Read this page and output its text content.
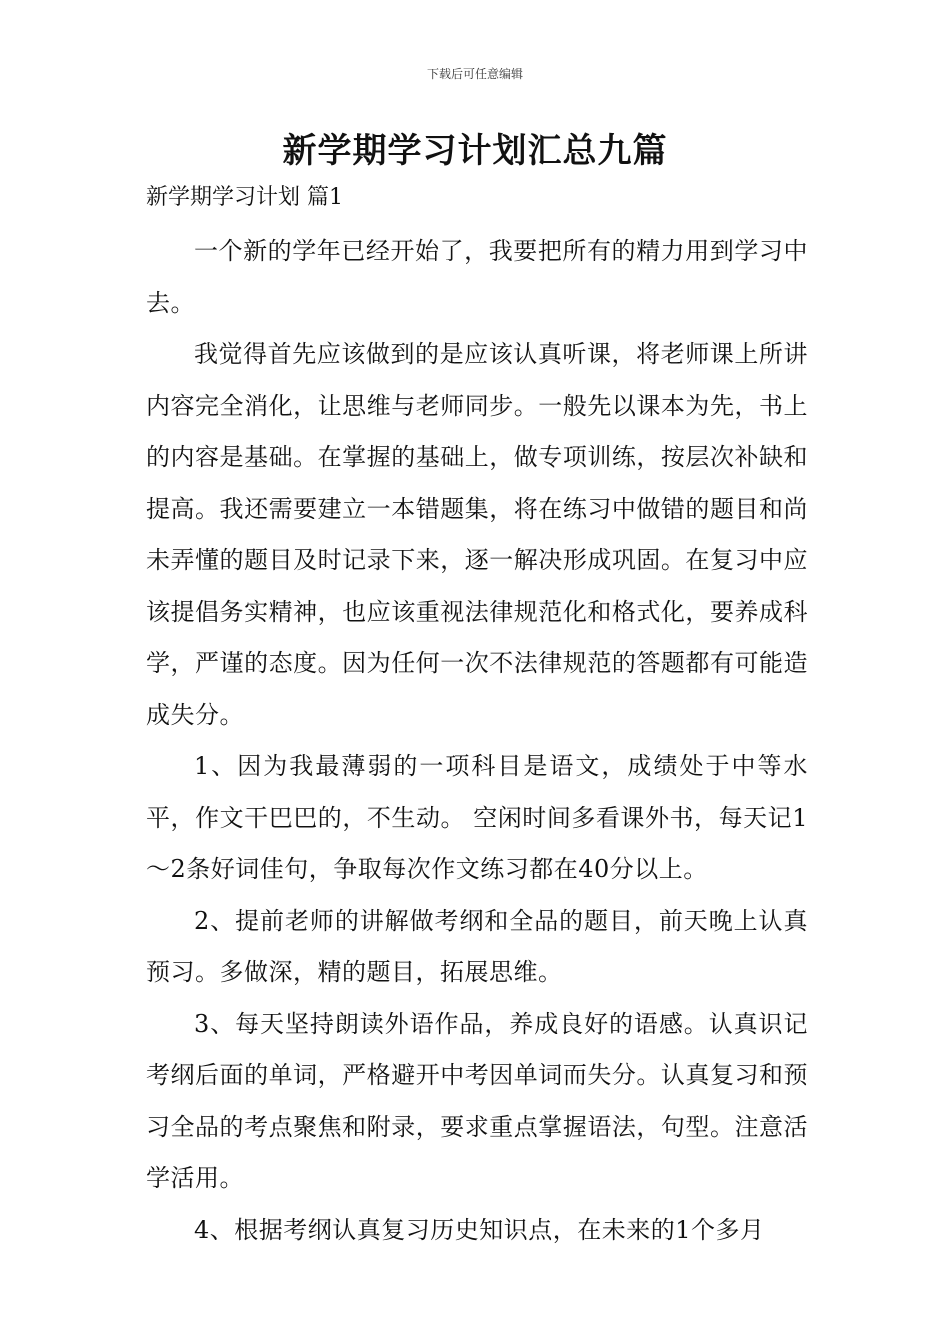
下载后可任意编辑
新学期学习计划汇总九篇
新学期学习计划 篇1

一个新的学年已经开始了，我要把所有的精力用到学习中去。

我觉得首先应该做到的是应该认真听课，将老师课上所讲内容完全消化，让思维与老师同步。一般先以课本为先，书上的内容是基础。在掌握的基础上，做专项训练，按层次补缺和提高。我还需要建立一本错题集，将在练习中做错的题目和尚未弄懂的题目及时记录下来，逐一解决形成巩固。在复习中应该提倡务实精神，也应该重视法律规范化和格式化，要养成科学，严谨的态度。因为任何一次不法律规范的答题都有可能造成失分。

1、因为我最薄弱的一项科目是语文，成绩处于中等水平，作文干巴巴的，不生动。 空闲时间多看课外书，每天记1～2条好词佳句，争取每次作文练习都在40分以上。

2、提前老师的讲解做考纲和全品的题目，前天晚上认真预习。多做深，精的题目，拓展思维。

3、每天坚持朗读外语作品，养成良好的语感。认真识记考纲后面的单词，严格避开中考因单词而失分。认真复习和预习全品的考点聚焦和附录，要求重点掌握语法，句型。注意活学活用。

4、根据考纲认真复习历史知识点，在未来的1个多月
